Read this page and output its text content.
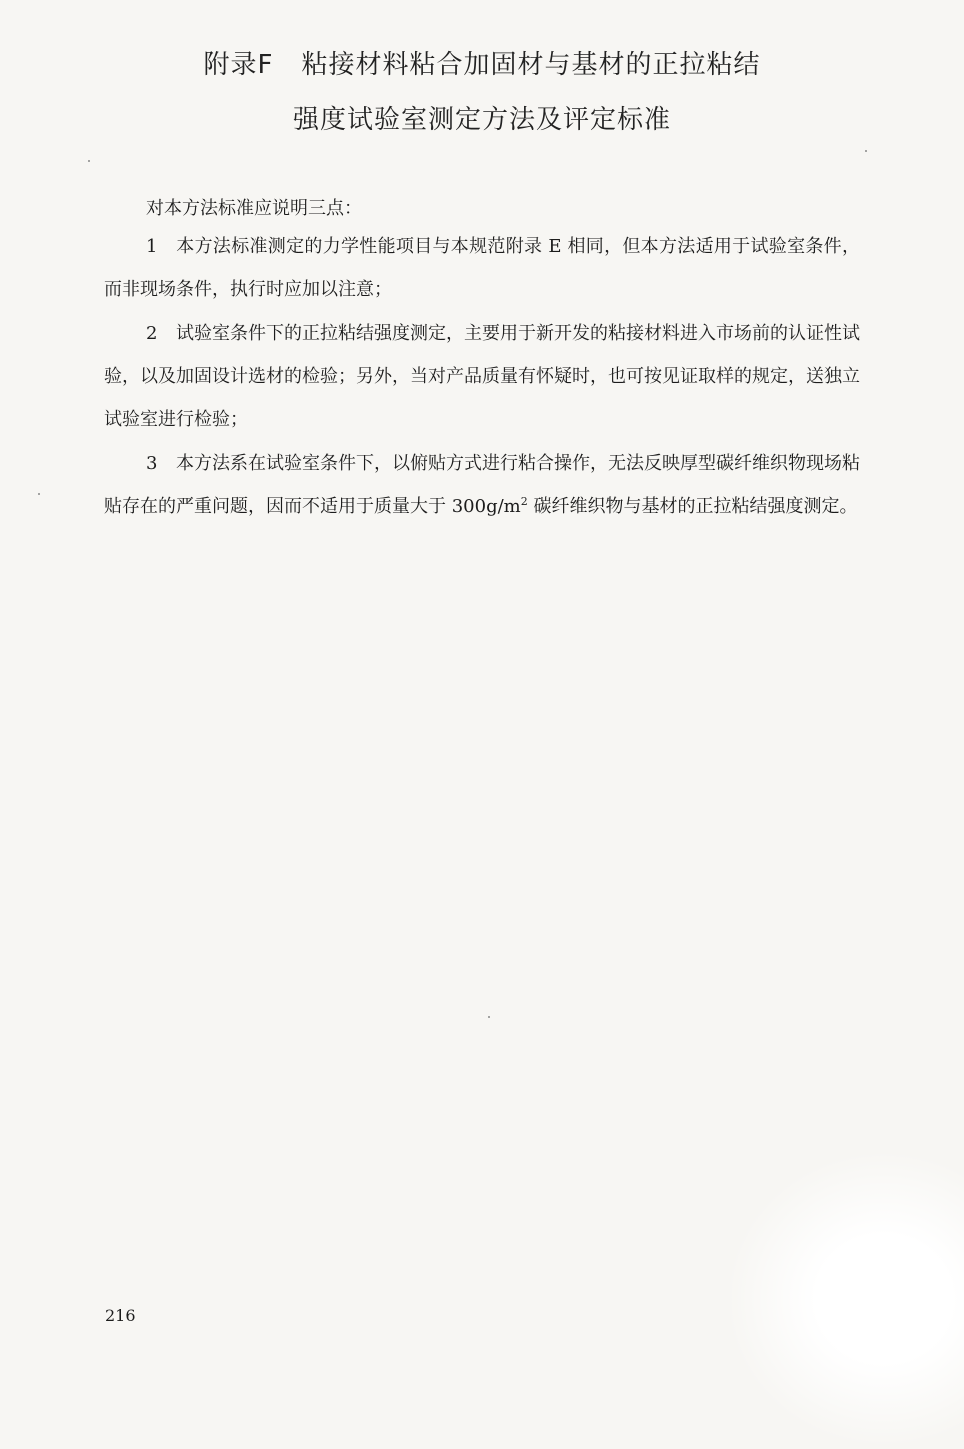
附录F 粘接材料粘合加固材与基材的正拉粘结
强度试验室测定方法及评定标准
对本方法标准应说明三点：
1 本方法标准测定的力学性能项目与本规范附录 E 相同，但本方法适用于试验室条件，而非现场条件，执行时应加以注意；
2 试验室条件下的正拉粘结强度测定，主要用于新开发的粘接材料进入市场前的认证性试验，以及加固设计选材的检验；另外，当对产品质量有怀疑时，也可按见证取样的规定，送独立试验室进行检验；
3 本方法系在试验室条件下，以俯贴方式进行粘合操作，无法反映厚型碳纤维织物现场粘贴存在的严重问题，因而不适用于质量大于 $300g/m^2$ 碳纤维织物与基材的正拉粘结强度测定。
216
